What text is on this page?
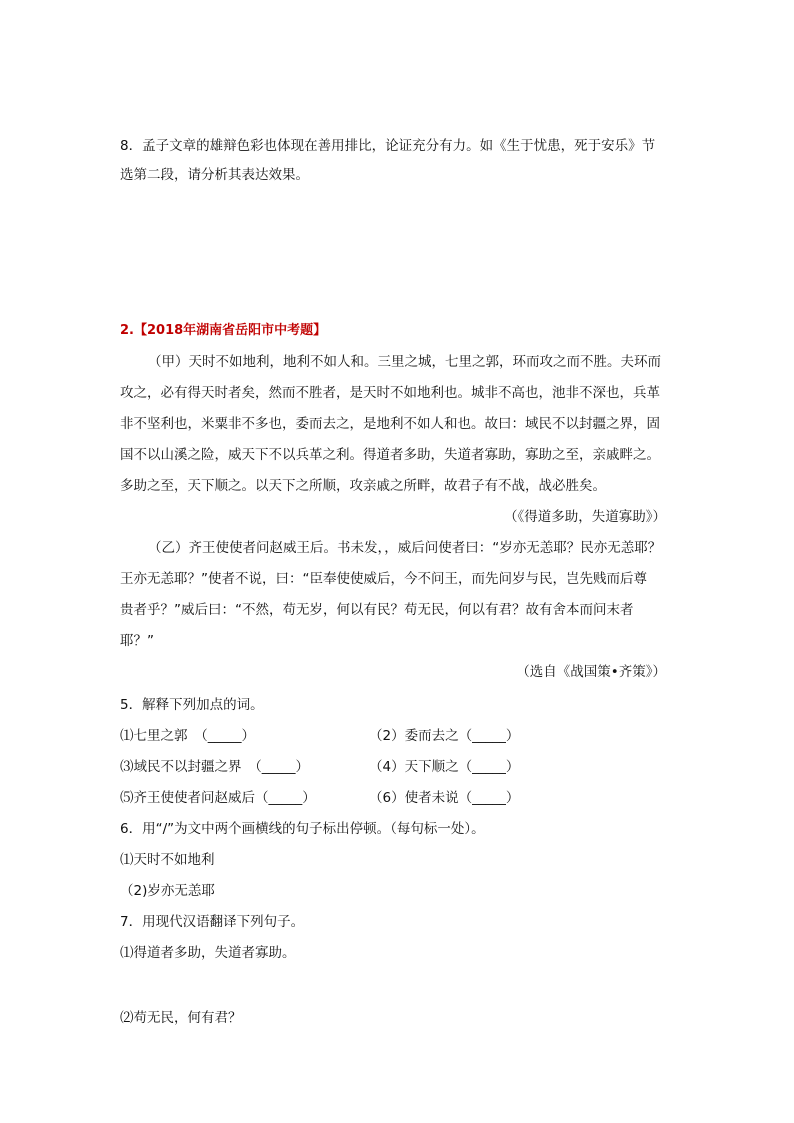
8．孟子文章的雄辩色彩也体现在善用排比，论证充分有力。如《生于忧患，死于安乐》节
选第二段，请分析其表达效果。
2.【2018年湖南省岳阳市中考题】
（甲）天时不如地利，地利不如人和。三里之城，七里之郭，环而攻之而不胜。夫环而
攻之，必有得天时者矣，然而不胜者，是天时不如地利也。城非不高也，池非不深也，兵革
非不坚利也，米粟非不多也，委而去之，是地利不如人和也。故曰：域民不以封疆之界，固
国不以山溪之险，威天下不以兵革之利。得道者多助，失道者寡助，寡助之至，亲戚畔之。
多助之至，天下顺之。以天下之所顺，攻亲戚之所畔，故君子有不战，战必胜矣。
（《得道多助，失道寡助》）
（乙）齐王使使者问赵威王后。书未发，，威后问使者曰：“岁亦无恙耶？民亦无恙耶？
王亦无恙耶？”使者不说，曰：“臣奉使使威后，今不问王，而先问岁与民，岂先贱而后尊
贵者乎？”威后曰：“不然，苟无岁，何以有民？苟无民，何以有君？故有舍本而问末者
耶？”
（选自《战国策•齐策》）
5．解释下列加点的词。
⑴七里之郭　（_____）	（2）委而去之（_____）
⑶域民不以封疆之界　（_____）	（4）天下顺之（_____）
⑸齐王使使者问赵威后（_____）	（6）使者未说（_____）
6．用“/”为文中两个画横线的句子标出停顿。（每句标一处）。
⑴天时不如地利
（2)岁亦无恙耶
7．用现代汉语翻译下列句子。
⑴得道者多助，失道者寡助。
⑵苟无民，何有君？
